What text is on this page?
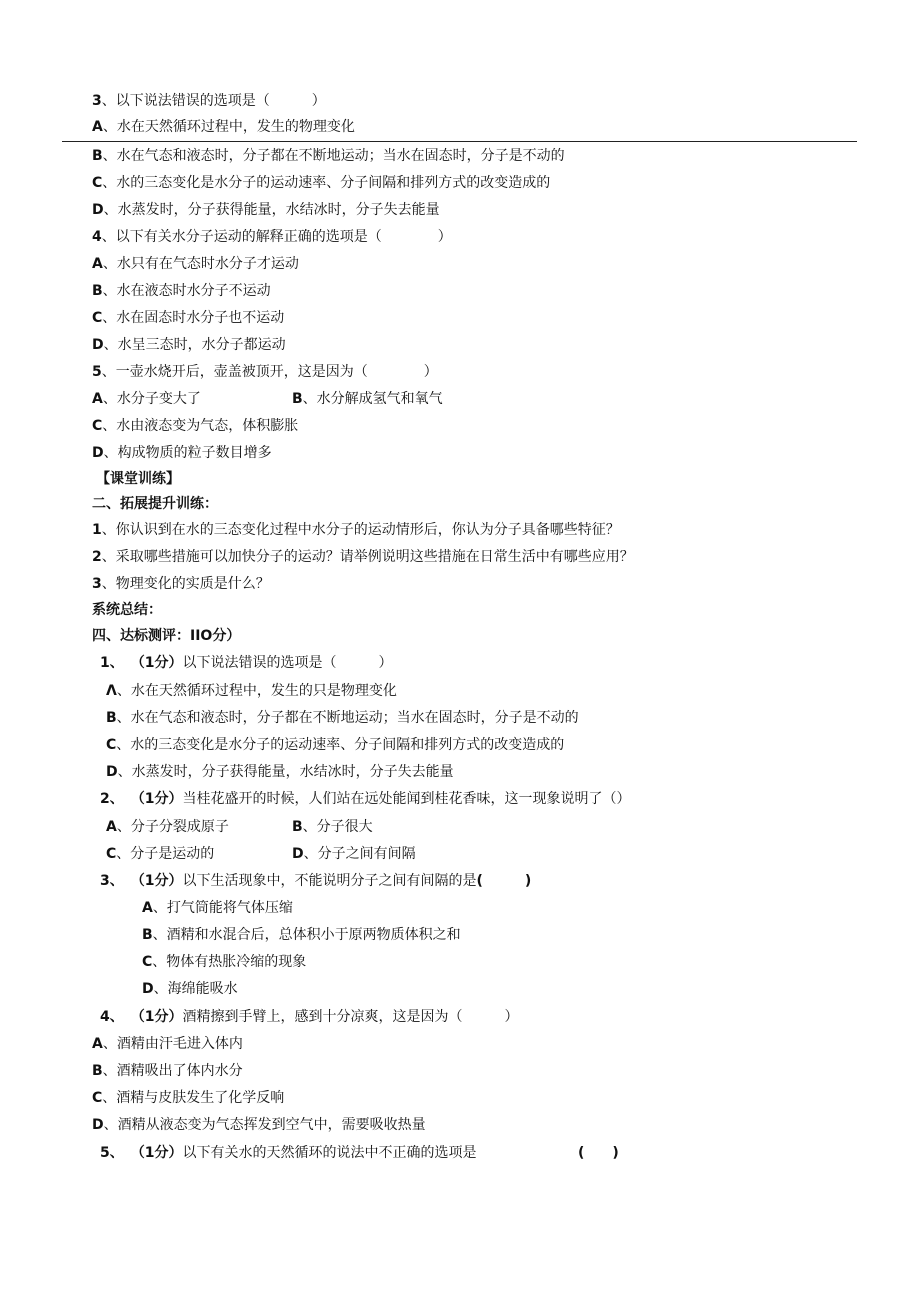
3、以下说法错误的选项是（　　　）
A、水在天然循环过程中，发生的物理变化
B、水在气态和液态时，分子都在不断地运动；当水在固态时，分子是不动的
C、水的三态变化是水分子的运动速率、分子间隔和排列方式的改变造成的
D、水蒸发时，分子获得能量，水结冰时，分子失去能量
4、以下有关水分子运动的解释正确的选项是（　　　　）
A、水只有在气态时水分子才运动
B、水在液态时水分子不运动
C、水在固态时水分子也不运动
D、水呈三态时，水分子都运动
5、一壶水烧开后，壶盖被顶开，这是因为（　　　　）
A、水分子变大了	B、水分解成氢气和氧气
C、水由液态变为气态，体积膨胀
D、构成物质的粒子数目增多
【课堂训练】
二、拓展提升训练：
1、你认识到在水的三态变化过程中水分子的运动情形后，你认为分子具备哪些特征？
2、采取哪些措施可以加快分子的运动？请举例说明这些措施在日常生活中有哪些应用？
3、物理变化的实质是什么？
系统总结：
四、达标测评：IIO分）
1、 （1分）以下说法错误的选项是（　　　）
Λ、水在天然循环过程中，发生的只是物理变化
B、水在气态和液态时，分子都在不断地运动；当水在固态时，分子是不动的
C、水的三态变化是水分子的运动速率、分子间隔和排列方式的改变造成的
D、水蒸发时，分子获得能量，水结冰时，分子失去能量
2、 （1分）当桂花盛开的时候，人们站在远处能闻到桂花香味，这一现象说明了（）
A、分子分裂成原子	B、分子很大
C、分子是运动的	D、分子之间有间隔
3、 （1分）以下生活现象中，不能说明分子之间有间隔的是(　　　)
A、打气筒能将气体压缩
B、酒精和水混合后，总体积小于原两物质体积之和
C、物体有热胀冷缩的现象
D、海绵能吸水
4、 （1分）酒精擦到手臂上，感到十分凉爽，这是因为（　　　）
A、酒精由汗毛进入体内
B、酒精吸出了体内水分
C、酒精与皮肤发生了化学反响
D、酒精从液态变为气态挥发到空气中，需要吸收热量
5、 （1分）以下有关水的天然循环的说法中不正确的选项是	(　　)
